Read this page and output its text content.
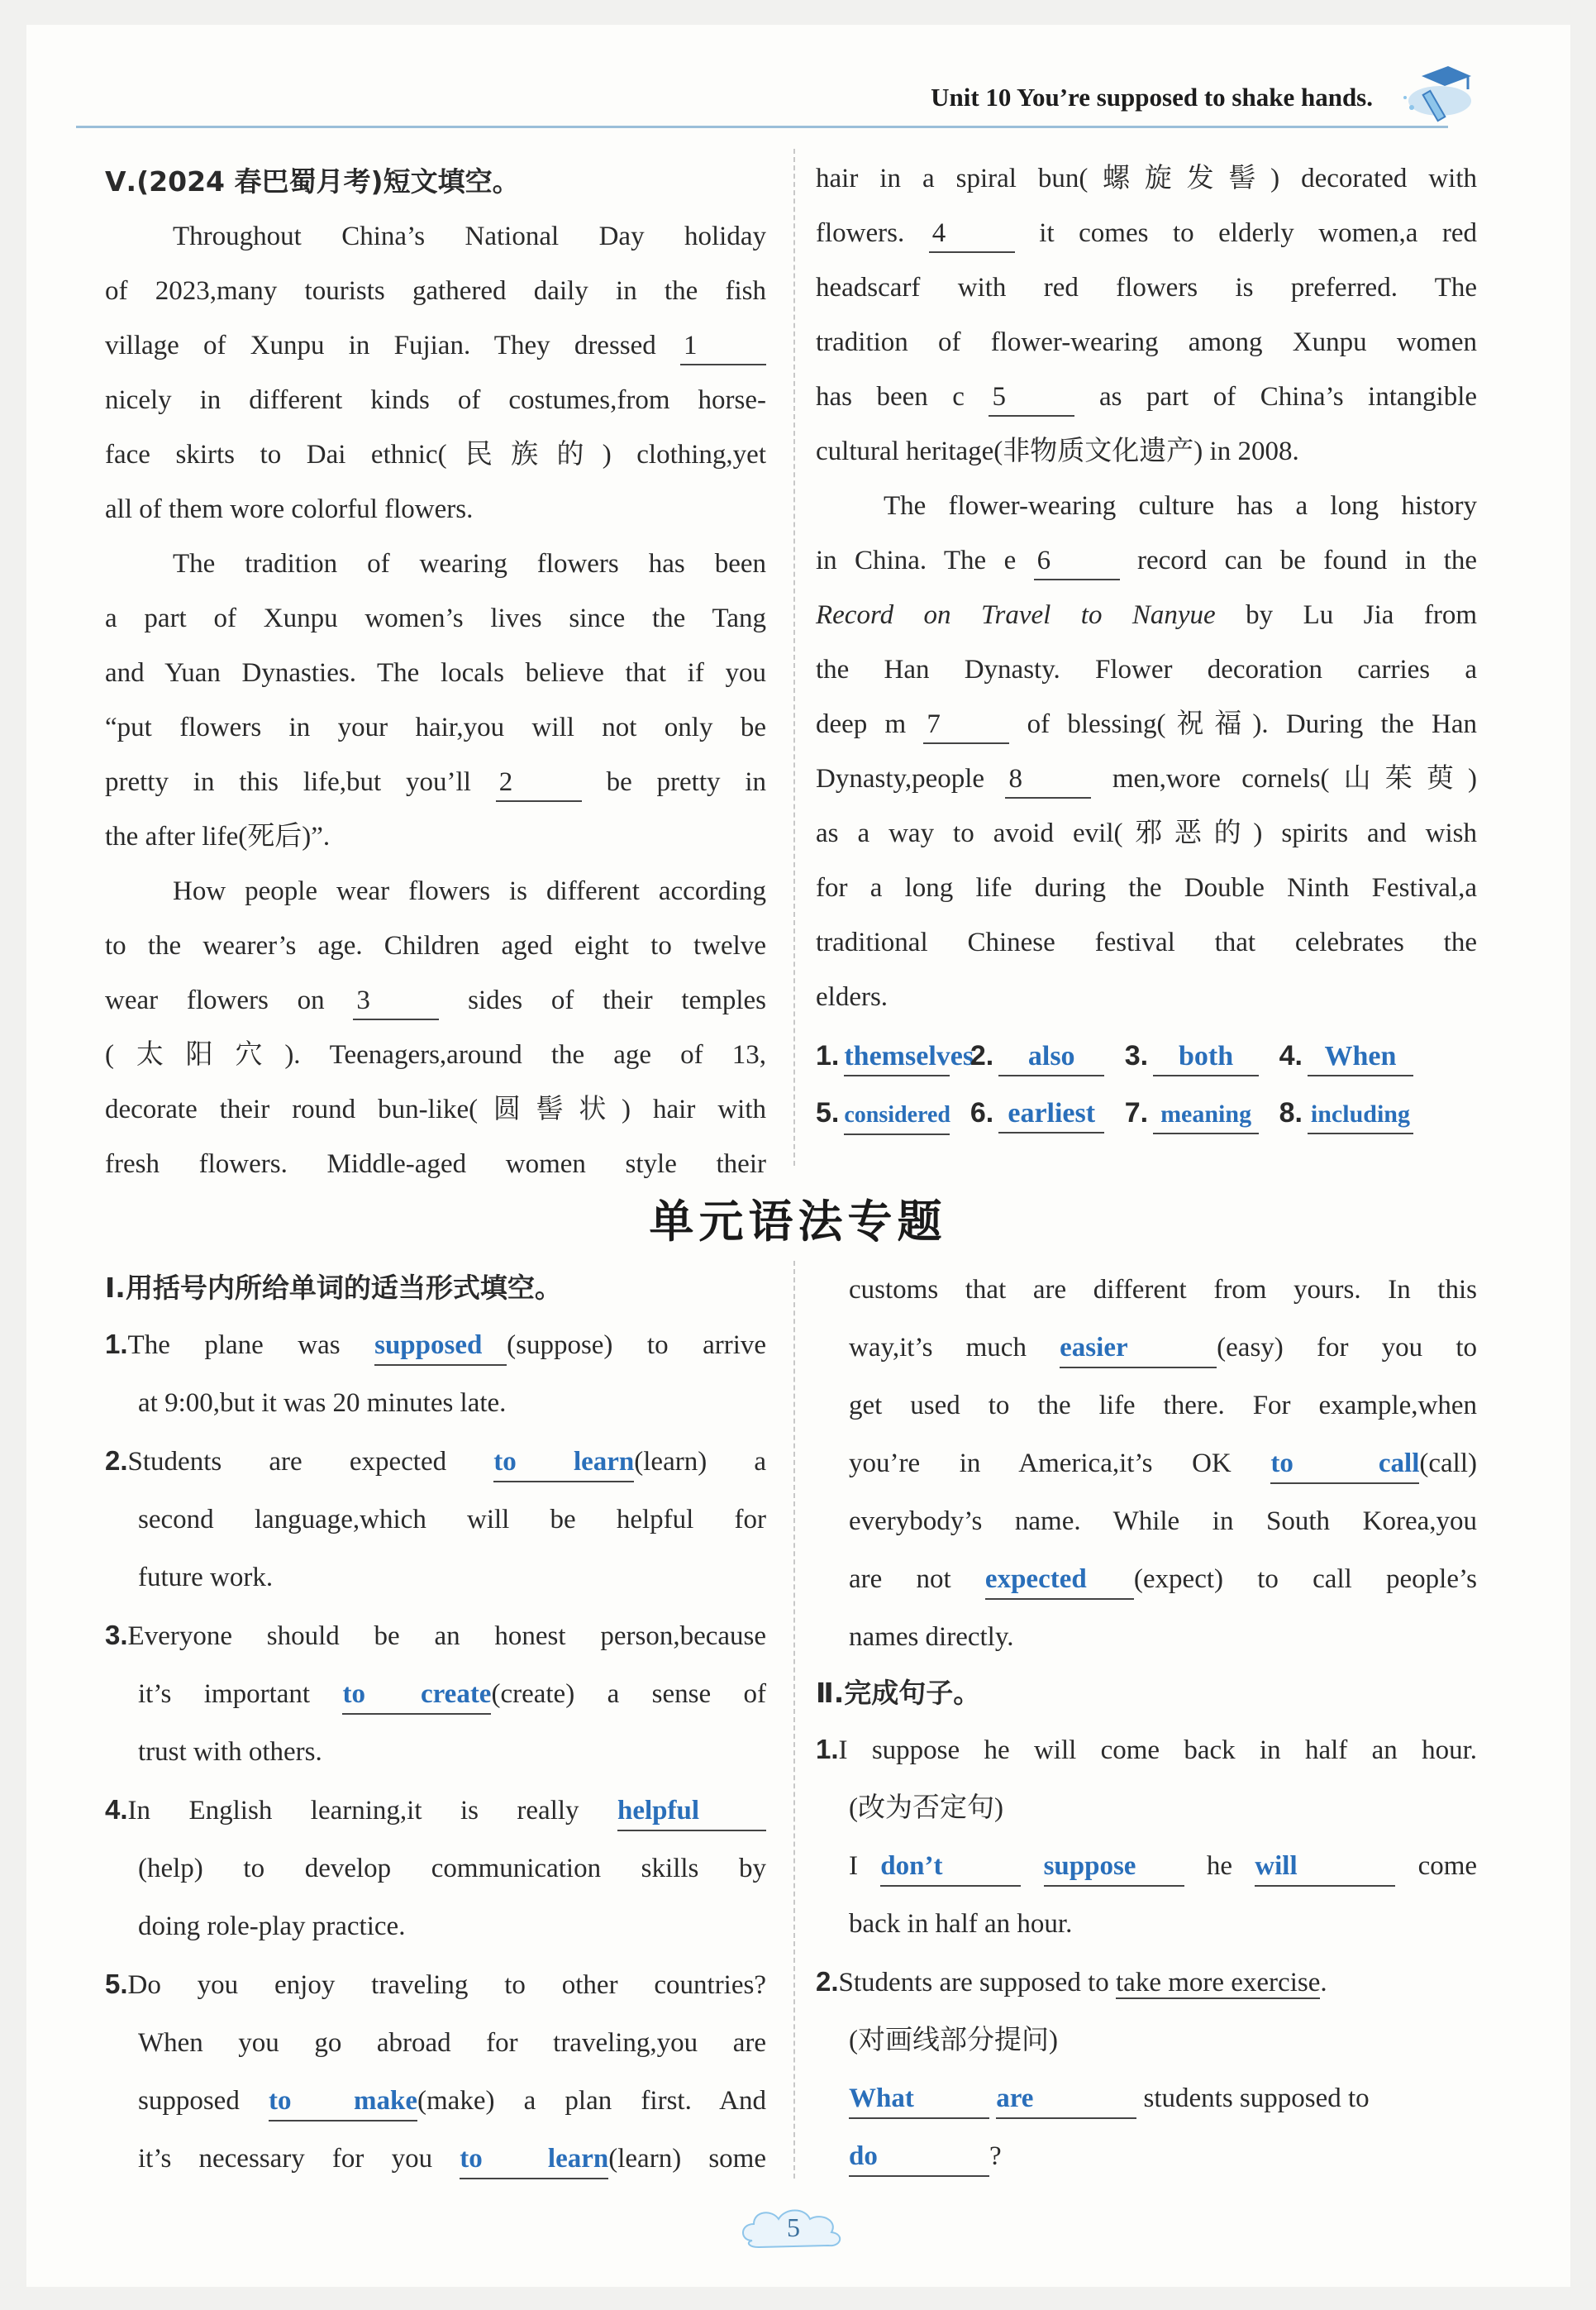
Unit 10 You’re supposed to shake hands.

Ⅴ.(2024 春巴蜀月考)短文填空。

Throughout China’s National Day holiday

of 2023,many tourists gathered daily in the fish

village of Xunpu in Fujian. They dressed 1

nicely in different kinds of costumes,from horse-

face skirts to Dai ethnic(民族的) clothing,yet

all of them wore colorful flowers.

The tradition of wearing flowers has been

a part of Xunpu women’s lives since the Tang

and Yuan Dynasties. The locals believe that if you

“put flowers in your hair,you will not only be

pretty in this life,but you’ll 2	be pretty in

the after life(死后)”.

How people wear flowers is different according

to the wearer’s age. Children aged eight to twelve

wear flowers on 3	sides of their temples

(太阳穴). Teenagers,around the age of 13,

decorate their round bun-like(圆髻状) hair with

fresh flowers. Middle-aged women style their

hair in a spiral bun(螺旋发髻) decorated with

flowers. 4	it comes to elderly women,a red

headscarf with red flowers is preferred. The

tradition of flower-wearing among Xunpu women

has been c 5	as part of China’s intangible

cultural heritage(非物质文化遗产) in 2008.

The flower-wearing culture has a long history

in China. The e 6	record can be found in the

Record on Travel to Nanyue by Lu Jia from

the Han Dynasty. Flower decoration carries a

deep m 7	of blessing(祝福). During the Han

Dynasty,people 8	men,wore cornels(山茱萸)

as a way to avoid evil(邪恶的) spirits and wish

for a long life during the Double Ninth Festival,a

traditional Chinese festival that celebrates the

elders.

1. themselves 2. also 3. both 4. When
5. considered 6. earliest 7. meaning 8. including
单元语法专题

Ⅰ.用括号内所给单词的适当形式填空。

1.The plane was supposed (suppose) to arrive

at 9:00,but it was 20 minutes late.

2.Students are expected to learn(learn) a

second language,which will be helpful for

future work.

3.Everyone should be an honest person,because

it’s important to create(create) a sense of

trust with others.

4.In English learning,it is really helpful

(help) to develop communication skills by

doing role-play practice.

5.Do you enjoy traveling to other countries?

When you go abroad for traveling,you are

supposed to make(make) a plan first. And

it’s necessary for you to learn(learn) some

customs that are different from yours. In this

way,it’s much easier	(easy) for you to

get used to the life there. For example,when

you’re in America,it’s OK to call(call)

everybody’s name. While in South Korea,you

are not expected (expect) to call people’s

names directly.

Ⅱ.完成句子。

1.I suppose he will come back in half an hour.

(改为否定句)

I don’t	suppose	he will	come

back in half an hour.

2.Students are supposed to take more exercise.

(对画线部分提问)

What	are	students supposed to

do	?

5
